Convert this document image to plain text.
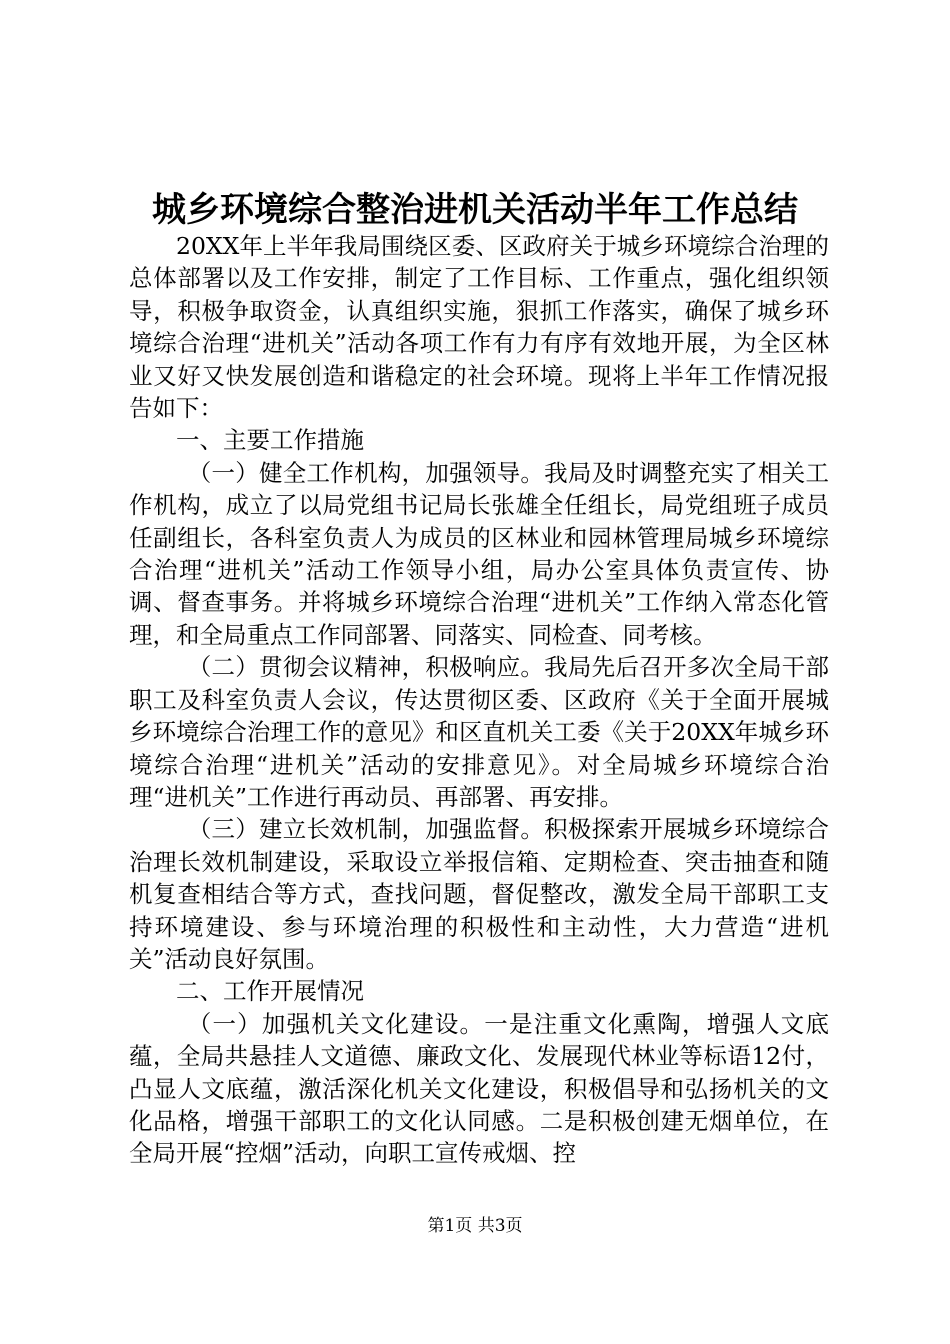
城乡环境综合整治进机关活动半年工作总结

20XX年上半年我局围绕区委、区政府关于城乡环境综合治理的总体部署以及工作安排，制定了工作目标、工作重点，强化组织领导，积极争取资金，认真组织实施，狠抓工作落实，确保了城乡环境综合治理“进机关”活动各项工作有力有序有效地开展，为全区林业又好又快发展创造和谐稳定的社会环境。现将上半年工作情况报告如下：

一、主要工作措施

（一）健全工作机构，加强领导。我局及时调整充实了相关工作机构，成立了以局党组书记局长张雄全任组长，局党组班子成员任副组长，各科室负责人为成员的区林业和园林管理局城乡环境综合治理“进机关”活动工作领导小组，局办公室具体负责宣传、协调、督查事务。并将城乡环境综合治理“进机关”工作纳入常态化管理，和全局重点工作同部署、同落实、同检查、同考核。

（二）贯彻会议精神，积极响应。我局先后召开多次全局干部职工及科室负责人会议，传达贯彻区委、区政府《关于全面开展城乡环境综合治理工作的意见》和区直机关工委《关于20XX年城乡环境综合治理“进机关”活动的安排意见》。对全局城乡环境综合治理“进机关”工作进行再动员、再部署、再安排。

（三）建立长效机制，加强监督。积极探索开展城乡环境综合治理长效机制建设，采取设立举报信箱、定期检查、突击抽查和随机复查相结合等方式，查找问题，督促整改，激发全局干部职工支持环境建设、参与环境治理的积极性和主动性，大力营造“进机关”活动良好氛围。

二、工作开展情况

（一）加强机关文化建设。一是注重文化熏陶，增强人文底蕴，全局共悬挂人文道德、廉政文化、发展现代林业等标语12付，凸显人文底蕴，激活深化机关文化建设，积极倡导和弘扬机关的文化品格，增强干部职工的文化认同感。二是积极创建无烟单位，在全局开展“控烟”活动，向职工宣传戒烟、控

第1页 共3页
